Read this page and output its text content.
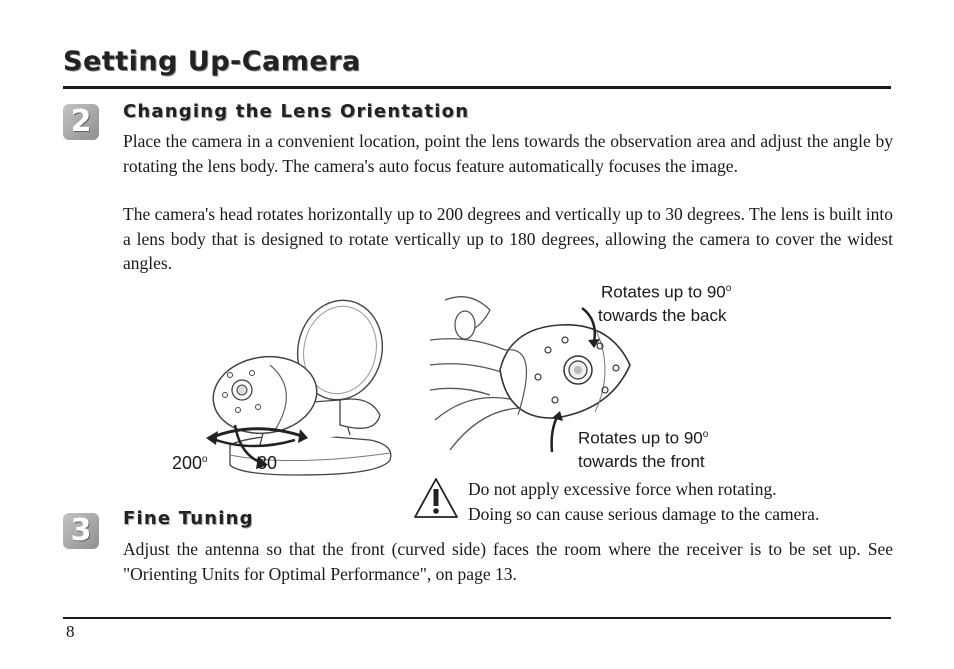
Setting Up-Camera
2	Changing the Lens Orientation

Place the camera in a convenient location, point the lens towards the observation area and adjust the angle by rotating the lens body. The camera's auto focus feature automatically focuses the image.

The camera's head rotates horizontally up to 200 degrees and vertically up to 30 degrees. The lens is built into a lens body that is designed to rotate vertically up to 180 degrees, allowing the camera to cover the widest angles.

200$^o$	30
Rotates up to 90$^o$
towards the back
Rotates up to 90$^o$
towards the front
Do not apply excessive force when rotating.
Doing so can cause serious damage to the camera.
3	Fine Tuning

Adjust the antenna so that the front (curved side) faces the room where the receiver is to be set up. See "Orienting Units for Optimal Performance", on page 13.

8
